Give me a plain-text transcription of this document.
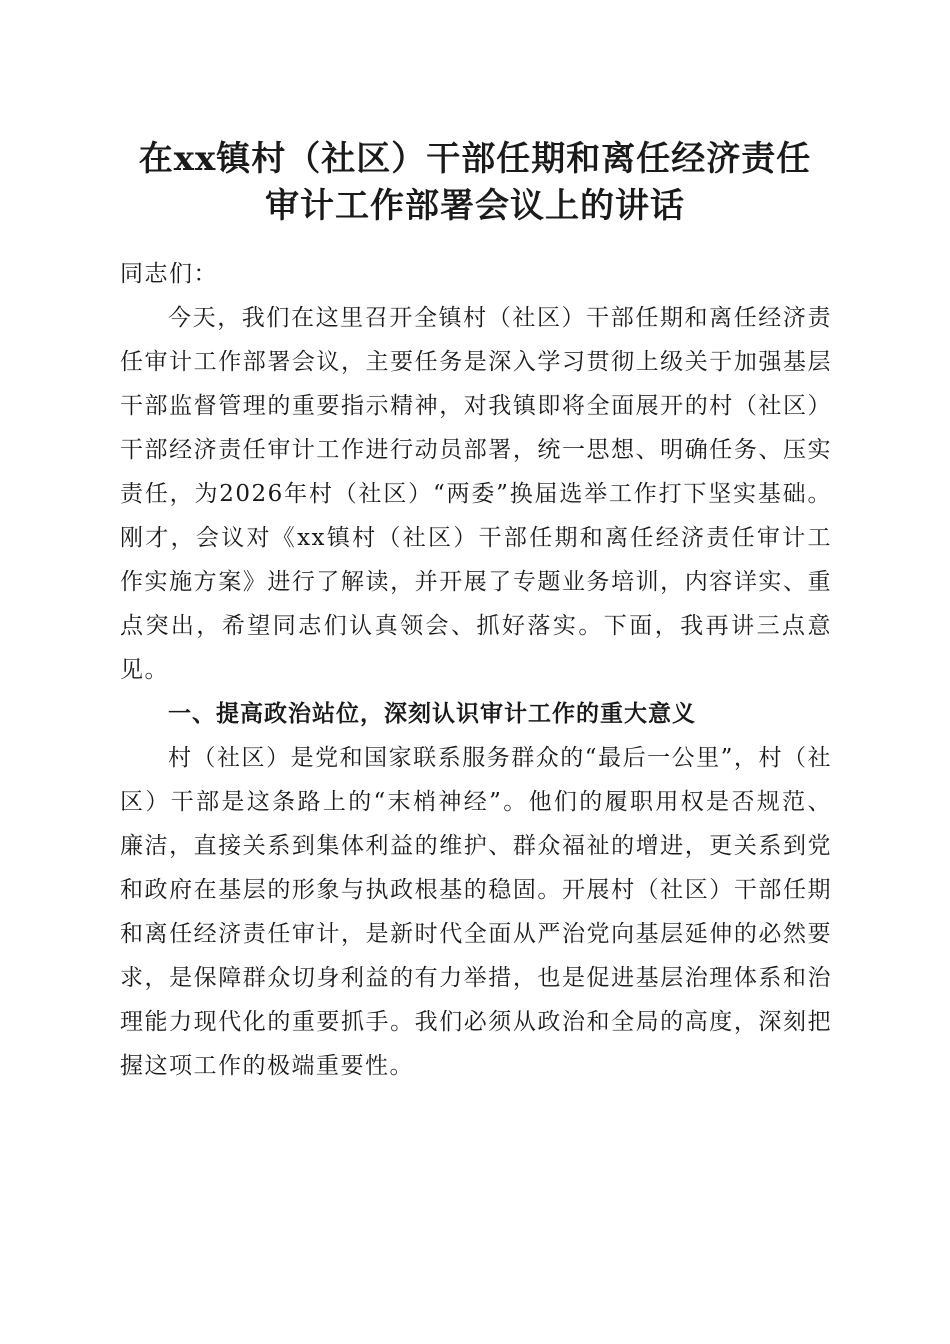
在xx镇村（社区）干部任期和离任经济责任
审计工作部署会议上的讲话

同志们：

今天，我们在这里召开全镇村（社区）干部任期和离任经济责任审计工作部署会议，主要任务是深入学习贯彻上级关于加强基层干部监督管理的重要指示精神，对我镇即将全面展开的村（社区）干部经济责任审计工作进行动员部署，统一思想、明确任务、压实责任，为2026年村（社区）“两委”换届选举工作打下坚实基础。刚才，会议对《xx镇村（社区）干部任期和离任经济责任审计工作实施方案》进行了解读，并开展了专题业务培训，内容详实、重点突出，希望同志们认真领会、抓好落实。下面，我再讲三点意见。

一、提高政治站位，深刻认识审计工作的重大意义

村（社区）是党和国家联系服务群众的“最后一公里”，村（社区）干部是这条路上的“末梢神经”。他们的履职用权是否规范、廉洁，直接关系到集体利益的维护、群众福祉的增进，更关系到党和政府在基层的形象与执政根基的稳固。开展村（社区）干部任期和离任经济责任审计，是新时代全面从严治党向基层延伸的必然要求，是保障群众切身利益的有力举措，也是促进基层治理体系和治理能力现代化的重要抓手。我们必须从政治和全局的高度，深刻把握这项工作的极端重要性。
